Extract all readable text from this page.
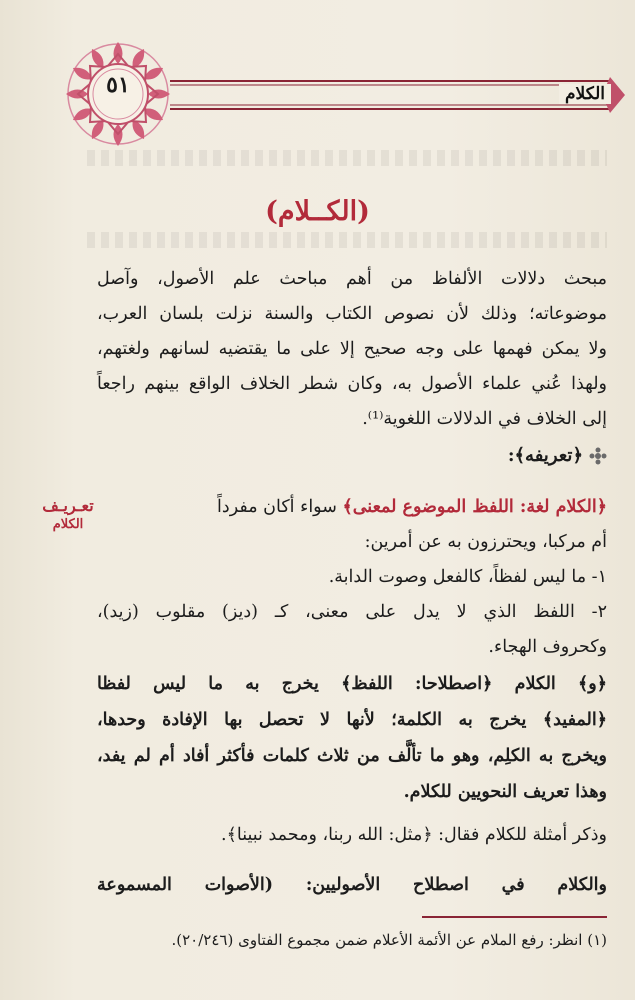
٥١	الكلام
(الكــلام)
مبحث دلالات الألفاظ من أهم مباحث علم الأصول، وآصل
موضوعاته؛ وذلك لأن نصوص الكتاب والسنة نزلت بلسان العرب،
ولا يمكن فهمها على وجه صحيح إلا على ما يقتضيه لسانهم ولغتهم،
ولهذا عُني علماء الأصول به، وكان شطر الخلاف الواقع بينهم راجعاً
إلى الخلاف في الدلالات اللغوية⁽¹⁾.
﴿تعريفه﴾:
تعـريـف
الكلام
﴿الكلام لغة: اللفظ الموضوع لمعنى﴾ سواء أكان مفرداً
أم مركبا، ويحترزون به عن أمرين:
١- ما ليس لفظاً، كالفعل وصوت الدابة.
٢- اللفظ الذي لا يدل على معنى، كـ (ديز) مقلوب (زيد)،
وكحروف الهجاء.
﴿و﴾ الكلام ﴿اصطلاحا: اللفظ﴾ يخرج به ما ليس لفظا
﴿المفيد﴾ يخرج به الكلمة؛ لأنها لا تحصل بها الإفادة وحدها،
ويخرج به الكلِم، وهو ما تألَّف من ثلاث كلمات فأكثر أفاد أم لم يفد،
وهذا تعريف النحويين للكلام.
وذكر أمثلة للكلام فقال: ﴿مثل: الله ربنا، ومحمد نبينا﴾.
والكلام في اصطلاح الأصوليين: (الأصوات المسموعة
(١) انظر: رفع الملام عن الأئمة الأعلام ضمن مجموع الفتاوى (٢٠/٢٤٦).
